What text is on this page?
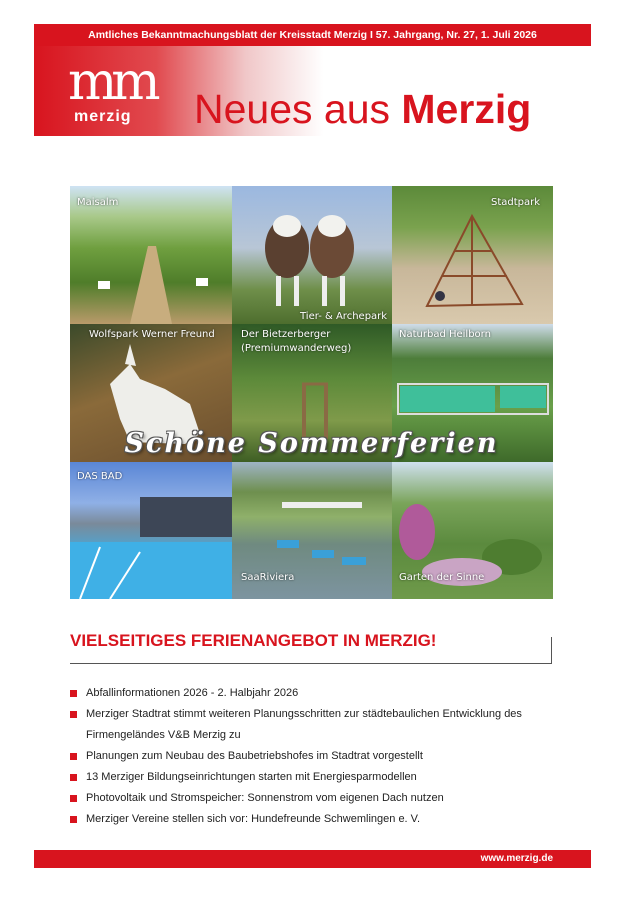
Amtliches Bekanntmachungsblatt der Kreisstadt Merzig I 57. Jahrgang, Nr. 27, 1. Juli 2026
mm
merzig	Neues aus Merzig
Maisalm
Tier- & Archepark
Stadtpark
Wolfspark Werner Freund	Der Bietzerberger
(Premiumwanderweg)
Naturbad Heilborn
DAS BAD
SaaRiviera	Garten der Sinne
Schöne Sommerferien
VIELSEITIGES FERIENANGEBOT IN MERZIG!
Abfallinformationen 2026 - 2. Halbjahr 2026
Merziger Stadtrat stimmt weiteren Planungsschritten zur städtebaulichen Entwicklung des Firmengeländes V&B Merzig zu
Planungen zum Neubau des Baubetriebshofes im Stadtrat vorgestellt
13 Merziger Bildungseinrichtungen starten mit Energiesparmodellen
Photovoltaik und Stromspeicher: Sonnenstrom vom eigenen Dach nutzen
Merziger Vereine stellen sich vor: Hundefreunde Schwemlingen e. V.
www.merzig.de
